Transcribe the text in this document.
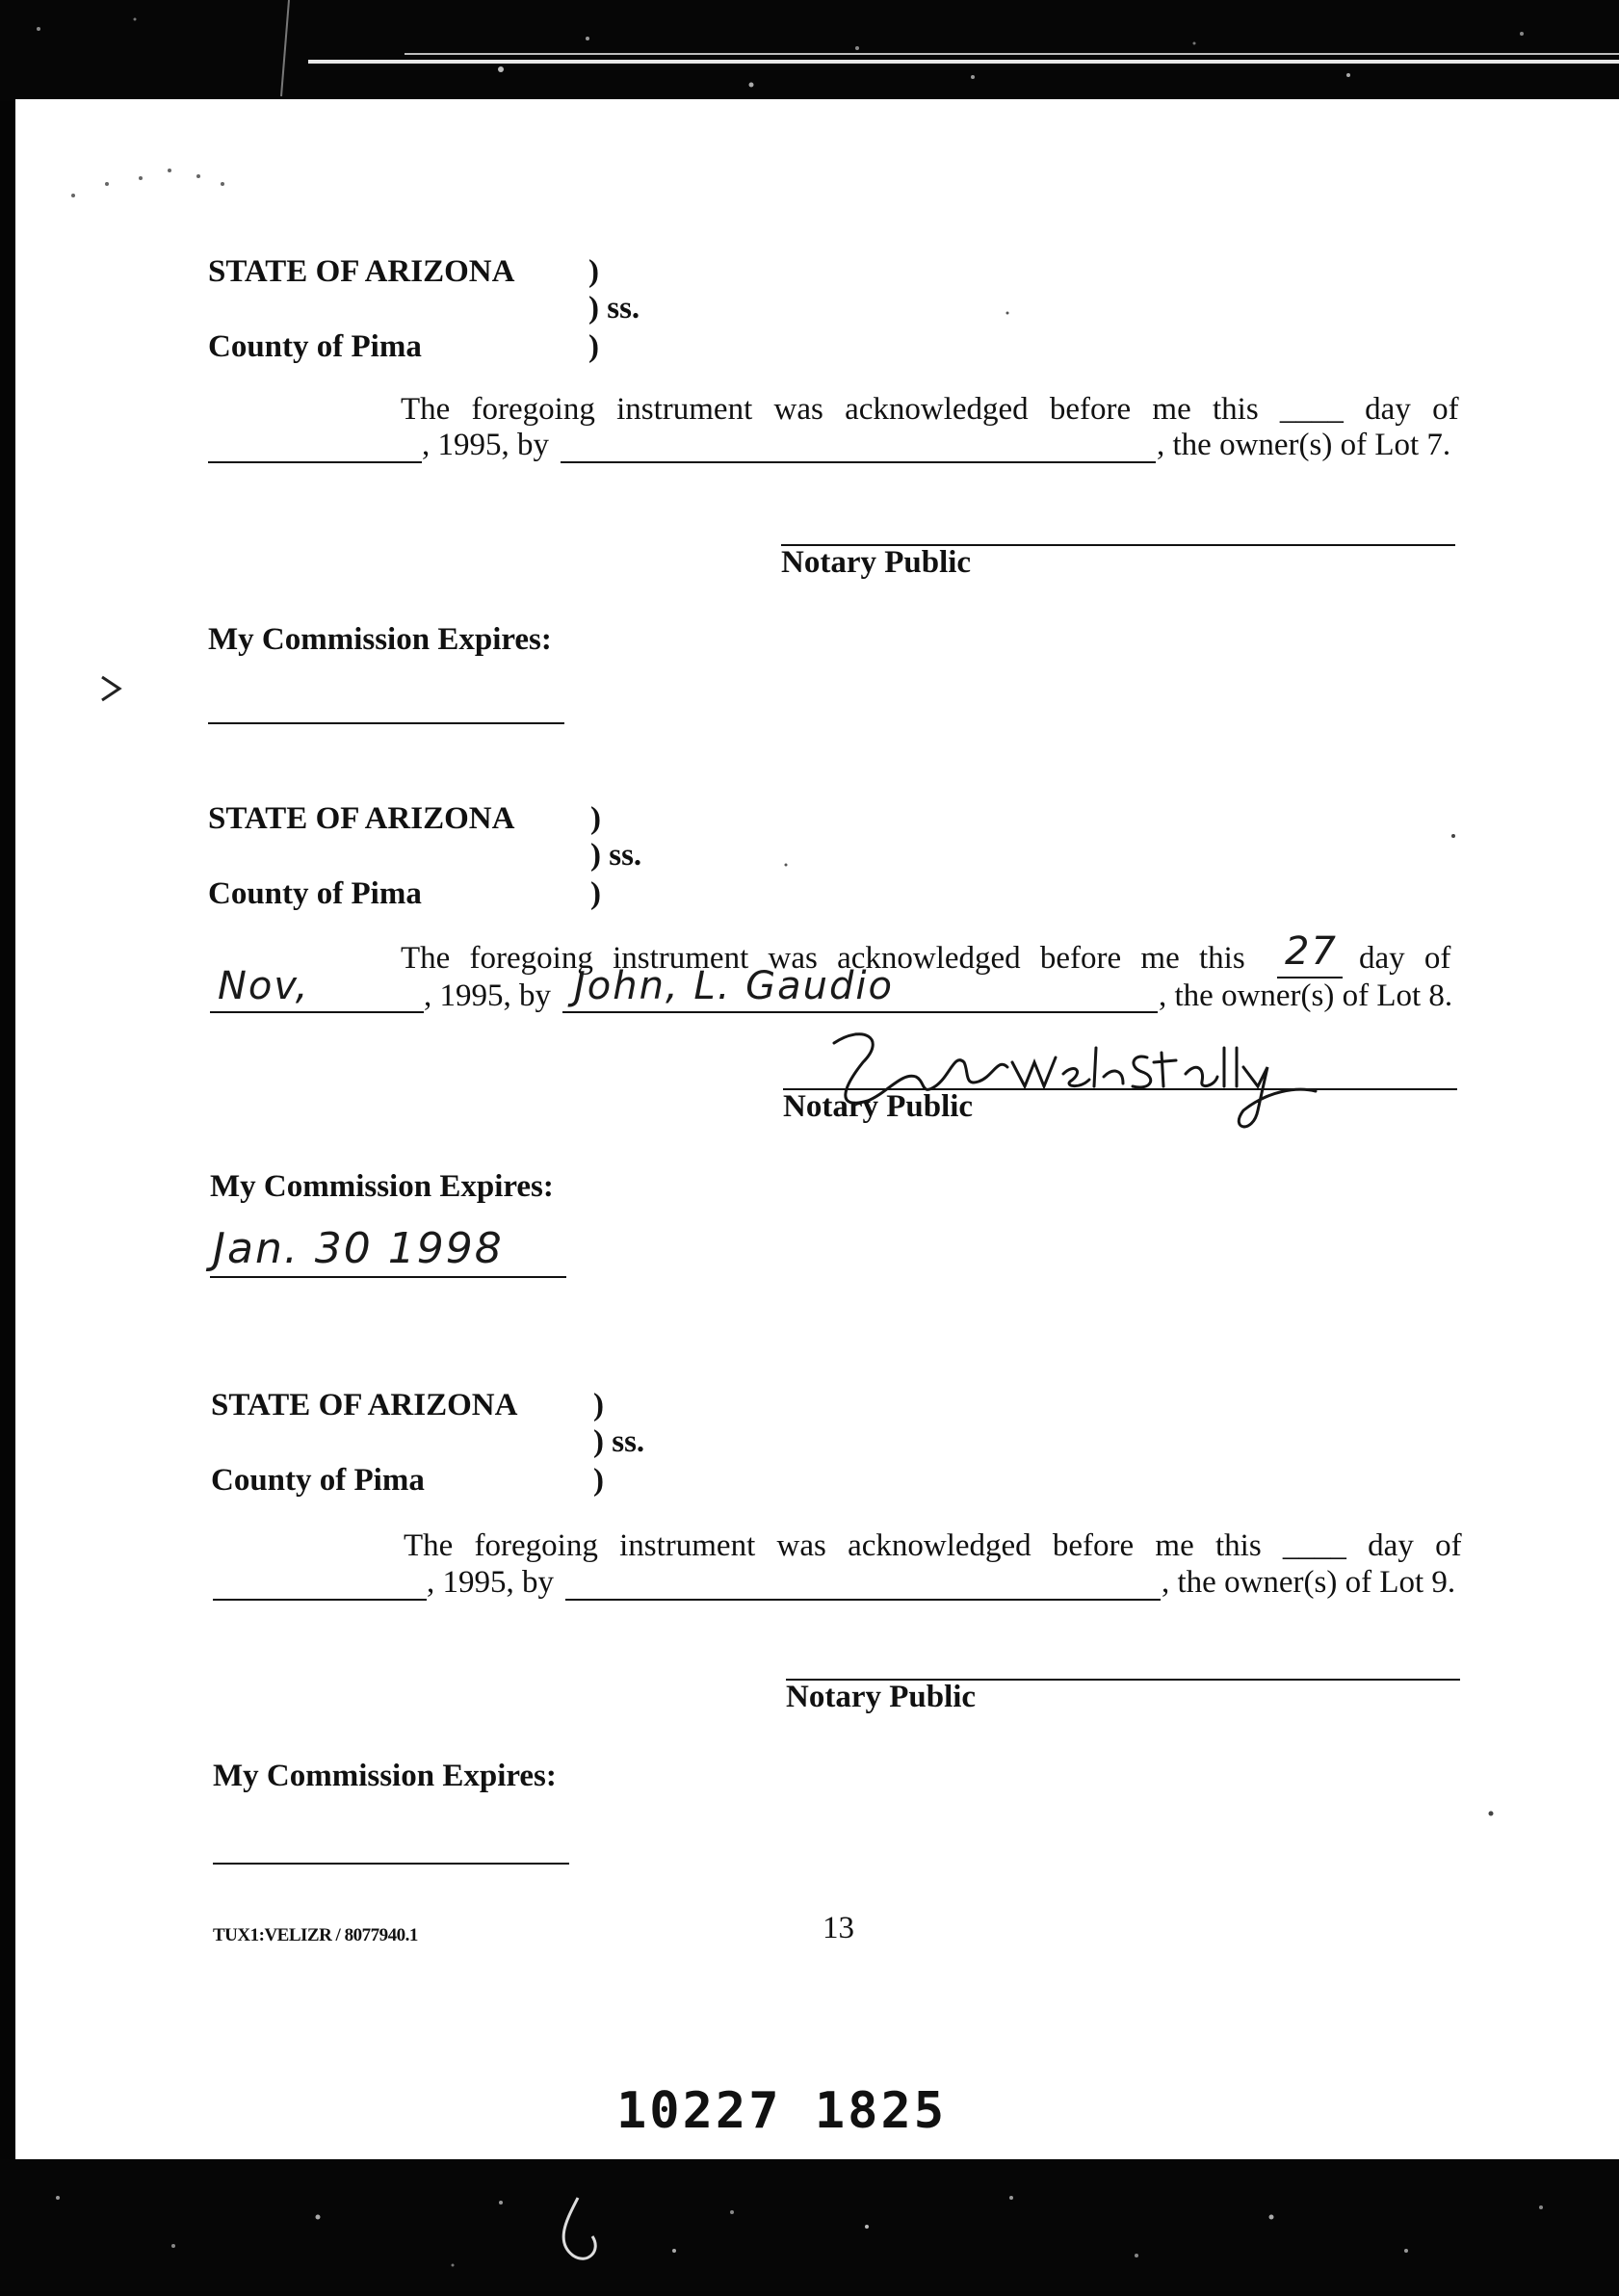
STATE OF ARIZONA )
) ss.
County of Pima	)
The foregoing instrument was acknowledged before me this ____ day of
, 1995, by	, the owner(s) of Lot 7.
Notary Public
My Commission Expires:
STATE OF ARIZONA )
) ss.
County of Pima	)
The foregoing instrument was acknowledged before me this 27 day of
Nov,	, 1995, by John, L. Gaudio	, the owner(s) of Lot 8.
Notary Public
My Commission Expires:
Jan. 30 1998
STATE OF ARIZONA )
) ss.
County of Pima	)
The foregoing instrument was acknowledged before me this ____ day of
, 1995, by	, the owner(s) of Lot 9.
Notary Public
My Commission Expires:
TUX1:VELIZR / 8077940.1	13
10227 1825
